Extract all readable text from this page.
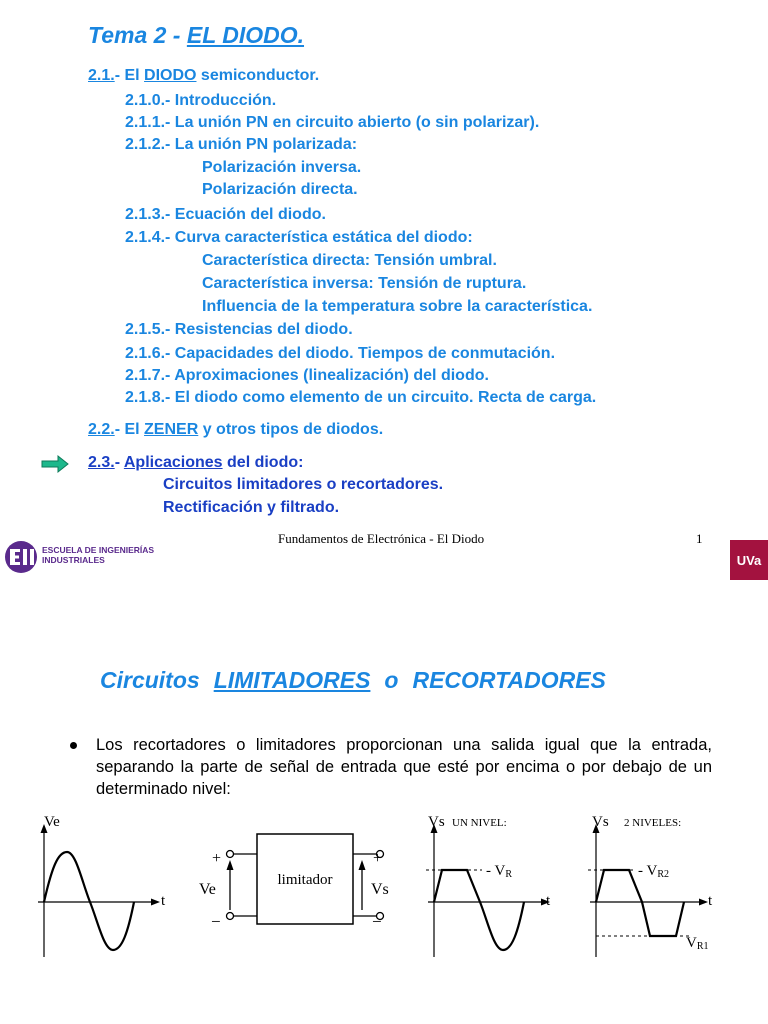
Tema 2 - EL DIODO.
2.1.- El DIODO semiconductor.
2.1.0.- Introducción.
2.1.1.- La unión PN en circuito abierto (o sin polarizar).
2.1.2.- La unión PN polarizada:
Polarización inversa.
Polarización directa.
2.1.3.- Ecuación del diodo.
2.1.4.- Curva característica estática del diodo:
Característica directa: Tensión umbral.
Característica inversa: Tensión de ruptura.
Influencia de la temperatura sobre la característica.
2.1.5.- Resistencias del diodo.
2.1.6.- Capacidades del diodo. Tiempos de conmutación.
2.1.7.- Aproximaciones (linealización) del diodo.
2.1.8.- El diodo como elemento de un circuito. Recta de carga.
2.2.- El ZENER y otros tipos de diodos.
2.3.- Aplicaciones del diodo:
Circuitos limitadores o recortadores.
Rectificación y filtrado.
Fundamentos de Electrónica - El Diodo	1
ESCUELA DE INGENIERÍAS
INDUSTRIALES	UVa
Circuitos LIMITADORES o RECORTADORES
Los recortadores o limitadores proporcionan una salida igual que la entrada, separando la parte de señal de entrada que esté por encima o por debajo de un determinado nivel:
Ve
t
limitador
+
−
+
−
Ve	Vs
Vs UN NIVEL:
t
- VR
Vs 2 NIVELES:
t
- VR2
VR1
